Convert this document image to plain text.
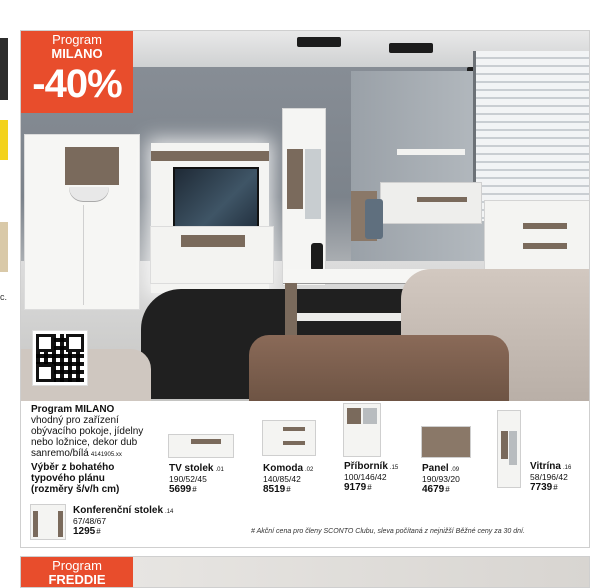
c.
Program
MILANO
-40%
Program MILANO
vhodný pro zařízení
obývacího pokoje, jídelny
nebo ložnice, dekor dub
sanremo/bílá 4141905.xx
Výběr z bohatého
typového plánu
(rozměry š/v/h cm)
TV stolek .01
190/52/45
5699#
Komoda .02
140/85/42
8519#
Příborník .15
100/146/42
9179#
Panel .09
190/93/20
4679#
Vitrína .16
58/196/42
7739#
Konferenční stolek .14
67/48/67
1295#	# Akční cena pro členy SCONTO Clubu, sleva počítaná z nejnižší Běžné ceny za 30 dní.
Program
FREDDIE
